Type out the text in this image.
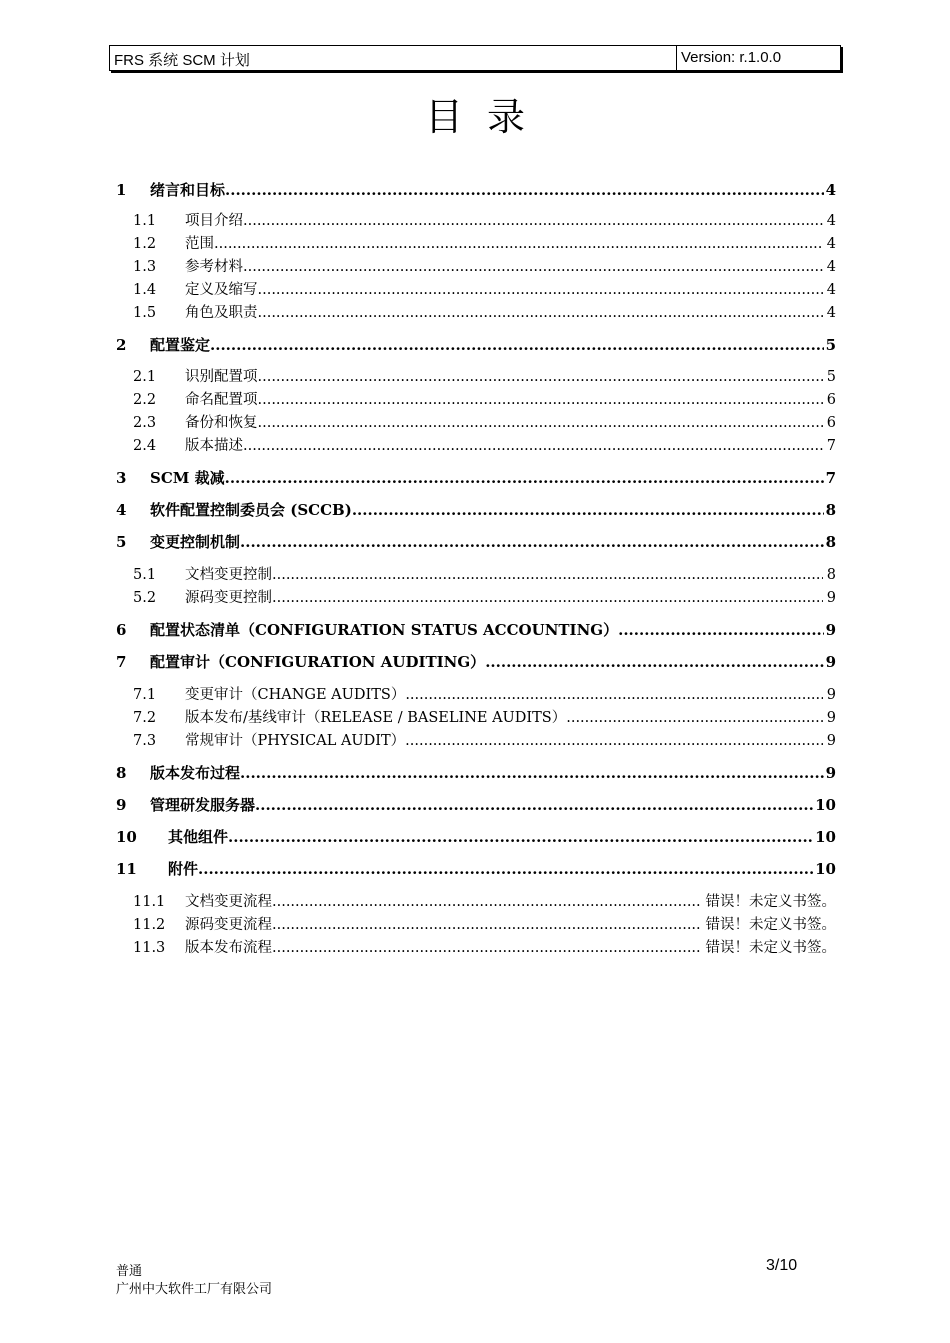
FRS 系统 SCM 计划	Version: r.1.0.0
目录
1	绪言和目标 .....	4
1.1	项目介绍 .....	4
1.2	范围 .....	4
1.3	参考材料 .....	4
1.4	定义及缩写 .....	4
1.5	角色及职责 .....	4
2	配置鉴定 .....	5
2.1	识别配置项 .....	5
2.2	命名配置项 .....	6
2.3	备份和恢复 .....	6
2.4	版本描述 .....	7
3	SCM 裁减 .....	7
4	软件配置控制委员会 (SCCB) .....	8
5	变更控制机制 .....	8
5.1	文档变更控制 .....	8
5.2	源码变更控制 .....	9
6	配置状态清单（CONFIGURATION STATUS ACCOUNTING） .....	9
7	配置审计（CONFIGURATION AUDITING） .....	9
7.1	变更审计（CHANGE AUDITS） .....	9
7.2	版本发布/基线审计（RELEASE / BASELINE AUDITS） .....	9
7.3	常规审计（PHYSICAL AUDIT） .....	9
8	版本发布过程 .....	9
9	管理研发服务器 .....	10
10	其他组件 .....	10
11	附件 .....	10
11.1	文档变更流程 .....	错误！未定义书签。
11.2	源码变更流程 .....	错误！未定义书签。
11.3	版本发布流程 .....	错误！未定义书签。
普通
广州中大软件工厂有限公司
3/10
